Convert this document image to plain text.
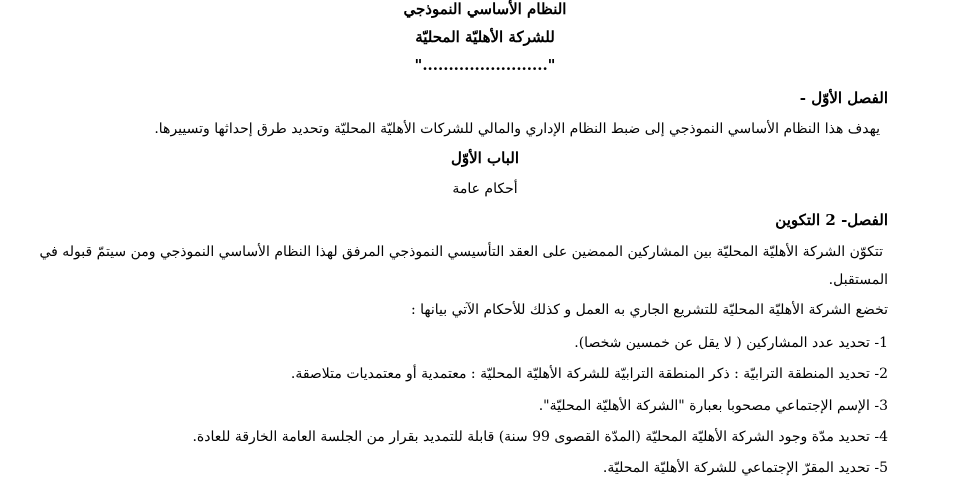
النظام الأساسي النموذجي
للشركة الأهليّة المحليّة
"........................"
الفصل الأوّل -
يهدف هذا النظام الأساسي النموذجي إلى ضبط النظام الإداري والمالي للشركات الأهليّة المحليّة وتحديد طرق إحداثها وتسييرها.
الباب الأوّل
أحكام عامة
الفصل- 2 التكوين
تتكوّن الشركة الأهليّة المحليّة بين المشاركين الممضين على العقد التأسيسي النموذجي المرفق لهذا النظام الأساسي النموذجي ومن سيتمّ قبوله في
المستقبل.
تخضع الشركة الأهليّة المحليّة للتشريع الجاري به العمل و كذلك للأحكام الآتي بيانها :
1- تحديد عدد المشاركين ( لا يقل عن خمسين شخصا).
2- تحديد المنطقة الترابيّة : ذكر المنطقة الترابيّة للشركة الأهليّة المحليّة : معتمدية أو معتمديات متلاصقة.
3- الإسم الإجتماعي مصحوبا بعبارة "الشركة الأهليّة المحليّة".
4- تحديد مدّة وجود الشركة الأهليّة المحليّة (المدّة القصوى 99 سنة) قابلة للتمديد بقرار من الجلسة العامة الخارقة للعادة.
5- تحديد المقرّ الإجتماعي للشركة الأهليّة المحليّة.
